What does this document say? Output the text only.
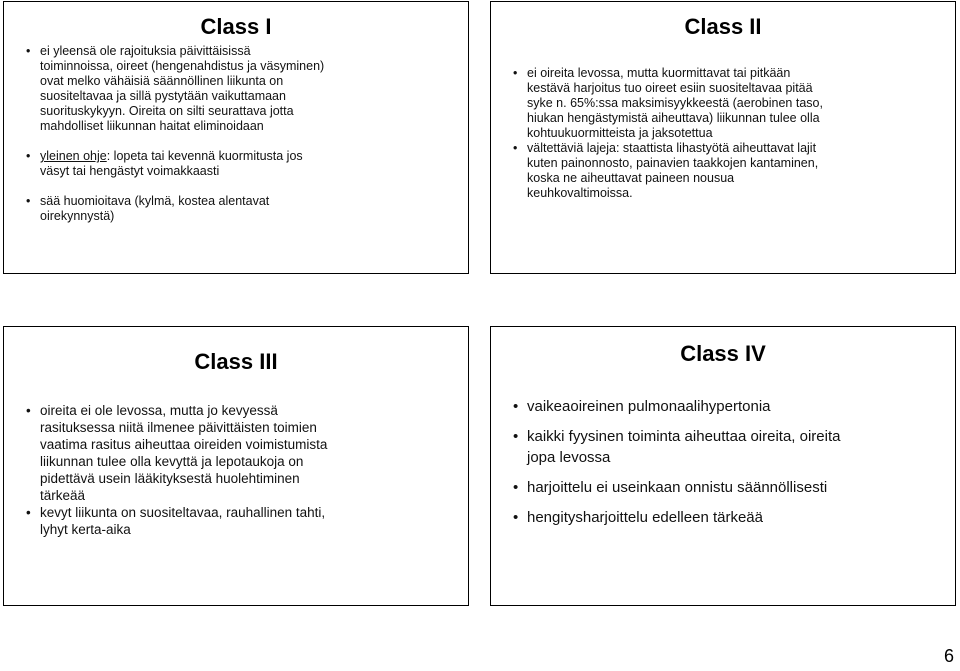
Class I
• ei yleensä ole rajoituksia päivittäisissä toiminnoissa, oireet (hengenahdistus ja väsyminen) ovat melko vähäisiä säännöllinen liikunta on suositeltavaa ja sillä pystytään vaikuttamaan suorituskykyyn. Oireita on silti seurattava jotta mahdolliset liikunnan haitat eliminoidaan
• yleinen ohje: lopeta tai kevennä kuormitusta jos väsyt tai hengästyt voimakkaasti
• sää huomioitava (kylmä, kostea alentavat oirekynnystä)
Class II
• ei oireita levossa, mutta kuormittavat tai pitkään kestävä harjoitus tuo oireet esiin suositeltavaa pitää syke n. 65%:ssa maksimisyykkeestä (aerobinen taso, hiukan hengästymistä aiheuttava) liikunnan tulee olla kohtuukuormitteista ja jaksotettua
• vältettäviä lajeja: staattista lihastyötä aiheuttavat lajit kuten painonnosto, painavien taakkojen kantaminen, koska ne aiheuttavat paineen nousua keuhkovaltimoissa.
Class III
• oireita ei ole levossa, mutta jo kevyessä rasituksessa niitä ilmenee päivittäisten toimien vaatima rasitus aiheuttaa oireiden voimistumista liikunnan tulee olla kevyttä ja lepotaukoja on pidettävä usein lääkityksestä huolehtiminen tärkeää
• kevyt liikunta on suositeltavaa, rauhallinen tahti, lyhyt kerta-aika
Class IV
• vaikeaoireinen pulmonaalihypertonia
• kaikki fyysinen toiminta aiheuttaa oireita, oireita jopa levossa
• harjoittelu ei useinkaan onnistu säännöllisesti
• hengitysharjoittelu edelleen tärkeää
6
